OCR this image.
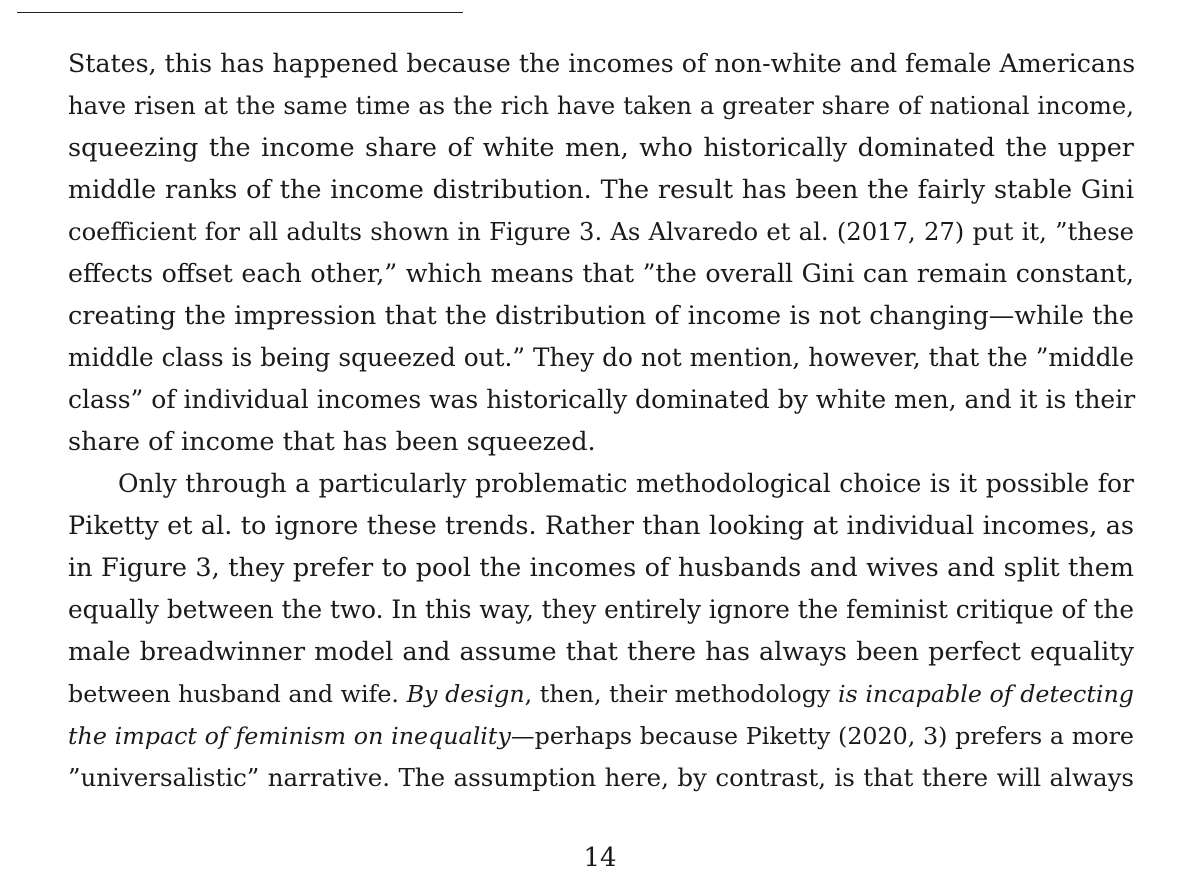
States, this has happened because the incomes of non-white and female Americans
have risen at the same time as the rich have taken a greater share of national income,
squeezing the income share of white men, who historically dominated the upper
middle ranks of the income distribution. The result has been the fairly stable Gini
coefficient for all adults shown in Figure 3. As Alvaredo et al. (2017, 27) put it, ”these
effects offset each other,” which means that ”the overall Gini can remain constant,
creating the impression that the distribution of income is not changing—while the
middle class is being squeezed out.” They do not mention, however, that the ”middle
class” of individual incomes was historically dominated by white men, and it is their
share of income that has been squeezed.
Only through a particularly problematic methodological choice is it possible for
Piketty et al. to ignore these trends. Rather than looking at individual incomes, as
in Figure 3, they prefer to pool the incomes of husbands and wives and split them
equally between the two. In this way, they entirely ignore the feminist critique of the
male breadwinner model and assume that there has always been perfect equality
between husband and wife. By design, then, their methodology is incapable of detecting
the impact of feminism on inequality—perhaps because Piketty (2020, 3) prefers a more
”universalistic” narrative. The assumption here, by contrast, is that there will always
14
